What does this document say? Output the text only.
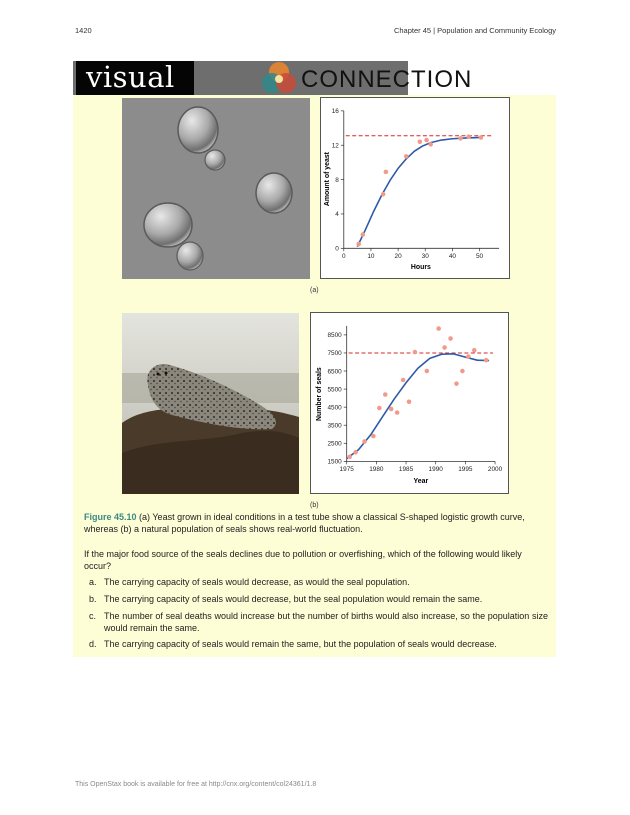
1420	Chapter 45 | Population and Community Ecology
visual	CONNECTION
0
4
8
12
16
0	10	20	30	40	50
Hours
Amount of yeast
(a)
1500
2500
3500
4500
5500
6500
7500
8500
1975 1980 1985 1990 1995 2000
Year
Number of seals
(b)
Figure 45.10 (a) Yeast grown in ideal conditions in a test tube show a classical S-shaped logistic growth curve, whereas (b) a natural population of seals shows real-world fluctuation.
If the major food source of the seals declines due to pollution or overfishing, which of the following would likely occur?
a. The carrying capacity of seals would decrease, as would the seal population.
b. The carrying capacity of seals would decrease, but the seal population would remain the same.
c. The number of seal deaths would increase but the number of births would also increase, so the population size would remain the same.
d. The carrying capacity of seals would remain the same, but the population of seals would decrease.
This OpenStax book is available for free at http://cnx.org/content/col24361/1.8
